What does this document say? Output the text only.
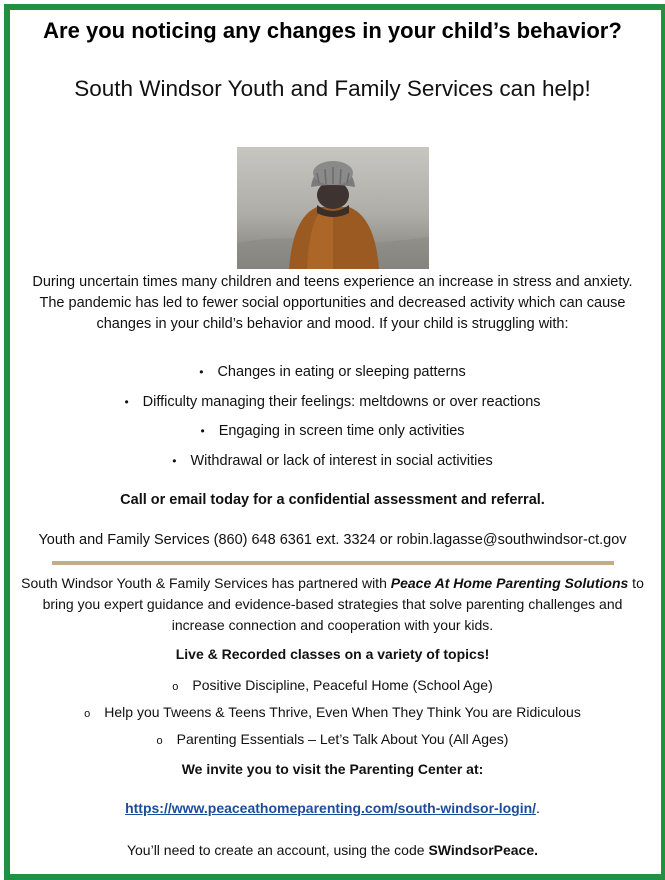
Are you noticing any changes in your child’s behavior?
South Windsor Youth and Family Services can help!
During uncertain times many children and teens experience an increase in stress and anxiety.
The pandemic has led to fewer social opportunities and decreased activity which can cause
changes in your child’s behavior and mood. If your child is struggling with:
• Changes in eating or sleeping patterns
• Difficulty managing their feelings: meltdowns or over reactions
• Engaging in screen time only activities
• Withdrawal or lack of interest in social activities
Call or email today for a confidential assessment and referral.
Youth and Family Services (860) 648 6361 ext. 3324 or robin.lagasse@southwindsor-ct.gov
South Windsor Youth & Family Services has partnered with Peace At Home Parenting Solutions to
bring you expert guidance and evidence-based strategies that solve parenting challenges and
increase connection and cooperation with your kids.
Live & Recorded classes on a variety of topics!
o Positive Discipline, Peaceful Home (School Age)
o Help you Tweens & Teens Thrive, Even When They Think You are Ridiculous
o Parenting Essentials – Let’s Talk About You (All Ages)
We invite you to visit the Parenting Center at:
https://www.peaceathomeparenting.com/south-windsor-login/.
You’ll need to create an account, using the code SWindsorPeace.
